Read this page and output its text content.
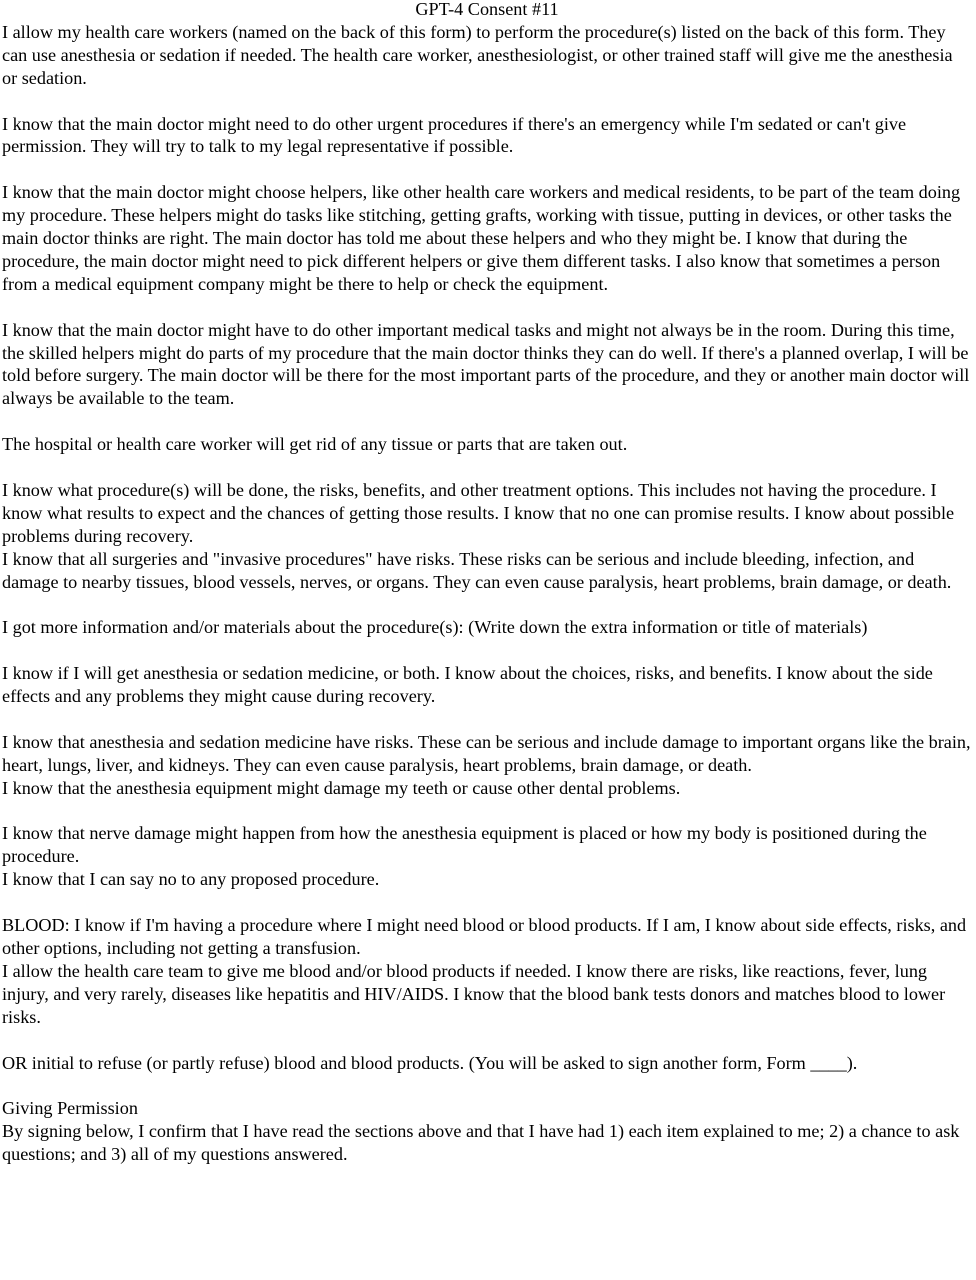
GPT-4 Consent #11

I allow my health care workers (named on the back of this form) to perform the procedure(s) listed on the back of this form. They can use anesthesia or sedation if needed. The health care worker, anesthesiologist, or other trained staff will give me the anesthesia or sedation.

I know that the main doctor might need to do other urgent procedures if there's an emergency while I'm sedated or can't give permission. They will try to talk to my legal representative if possible.

I know that the main doctor might choose helpers, like other health care workers and medical residents, to be part of the team doing my procedure. These helpers might do tasks like stitching, getting grafts, working with tissue, putting in devices, or other tasks the main doctor thinks are right. The main doctor has told me about these helpers and who they might be. I know that during the procedure, the main doctor might need to pick different helpers or give them different tasks. I also know that sometimes a person from a medical equipment company might be there to help or check the equipment.

I know that the main doctor might have to do other important medical tasks and might not always be in the room. During this time, the skilled helpers might do parts of my procedure that the main doctor thinks they can do well. If there's a planned overlap, I will be told before surgery. The main doctor will be there for the most important parts of the procedure, and they or another main doctor will always be available to the team.

The hospital or health care worker will get rid of any tissue or parts that are taken out.

I know what procedure(s) will be done, the risks, benefits, and other treatment options. This includes not having the procedure. I know what results to expect and the chances of getting those results. I know that no one can promise results. I know about possible problems during recovery.

I know that all surgeries and "invasive procedures" have risks. These risks can be serious and include bleeding, infection, and damage to nearby tissues, blood vessels, nerves, or organs. They can even cause paralysis, heart problems, brain damage, or death.

I got more information and/or materials about the procedure(s): (Write down the extra information or title of materials)

I know if I will get anesthesia or sedation medicine, or both. I know about the choices, risks, and benefits. I know about the side effects and any problems they might cause during recovery.

I know that anesthesia and sedation medicine have risks. These can be serious and include damage to important organs like the brain, heart, lungs, liver, and kidneys. They can even cause paralysis, heart problems, brain damage, or death.

I know that the anesthesia equipment might damage my teeth or cause other dental problems.

I know that nerve damage might happen from how the anesthesia equipment is placed or how my body is positioned during the procedure.

I know that I can say no to any proposed procedure.

BLOOD: I know if I'm having a procedure where I might need blood or blood products. If I am, I know about side effects, risks, and other options, including not getting a transfusion.

I allow the health care team to give me blood and/or blood products if needed. I know there are risks, like reactions, fever, lung injury, and very rarely, diseases like hepatitis and HIV/AIDS. I know that the blood bank tests donors and matches blood to lower risks.

OR initial to refuse (or partly refuse) blood and blood products. (You will be asked to sign another form, Form ____).

Giving Permission

By signing below, I confirm that I have read the sections above and that I have had 1) each item explained to me; 2) a chance to ask questions; and 3) all of my questions answered.
